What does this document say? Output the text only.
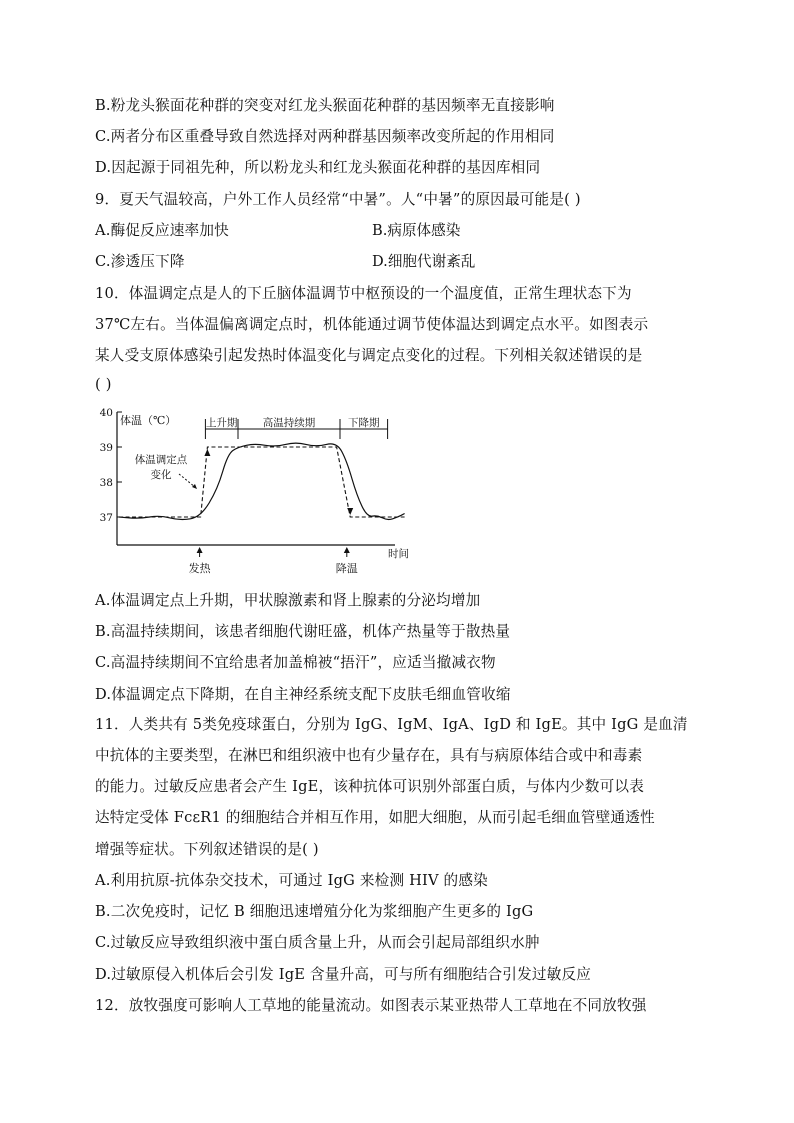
B.粉龙头猴面花种群的突变对红龙头猴面花种群的基因频率无直接影响
C.两者分布区重叠导致自然选择对两种群基因频率改变所起的作用相同
D.因起源于同祖先种，所以粉龙头和红龙头猴面花种群的基因库相同
9．夏天气温较高，户外工作人员经常“中暑”。人“中暑”的原因最可能是( )
A.酶促反应速率加快	B.病原体感染
C.渗透压下降	D.细胞代谢紊乱
10．体温调定点是人的下丘脑体温调节中枢预设的一个温度值，正常生理状态下为
37℃左右。当体温偏离调定点时，机体能通过调节使体温达到调定点水平。如图表示
某人受支原体感染引起发热时体温变化与调定点变化的过程。下列相关叙述错误的是
( )
40
39
38
37
上升期 高温持续期	下降期
体温（℃）
时间
体温调定点
变化
发热	降温
A.体温调定点上升期，甲状腺激素和肾上腺素的分泌均增加
B.高温持续期间，该患者细胞代谢旺盛，机体产热量等于散热量
C.高温持续期间不宜给患者加盖棉被“捂汗”，应适当撤减衣物
D.体温调定点下降期，在自主神经系统支配下皮肤毛细血管收缩
11．人类共有 5类免疫球蛋白，分别为 IgG、IgM、IgA、IgD 和 IgE。其中 IgG 是血清
中抗体的主要类型，在淋巴和组织液中也有少量存在，具有与病原体结合或中和毒素
的能力。过敏反应患者会产生 IgE，该种抗体可识别外部蛋白质，与体内少数可以表
达特定受体 FcεR1 的细胞结合并相互作用，如肥大细胞，从而引起毛细血管壁通透性
增强等症状。下列叙述错误的是( )
A.利用抗原-抗体杂交技术，可通过 IgG 来检测 HIV 的感染
B.二次免疫时，记忆 B 细胞迅速增殖分化为浆细胞产生更多的 IgG
C.过敏反应导致组织液中蛋白质含量上升，从而会引起局部组织水肿
D.过敏原侵入机体后会引发 IgE 含量升高，可与所有细胞结合引发过敏反应
12．放牧强度可影响人工草地的能量流动。如图表示某亚热带人工草地在不同放牧强
